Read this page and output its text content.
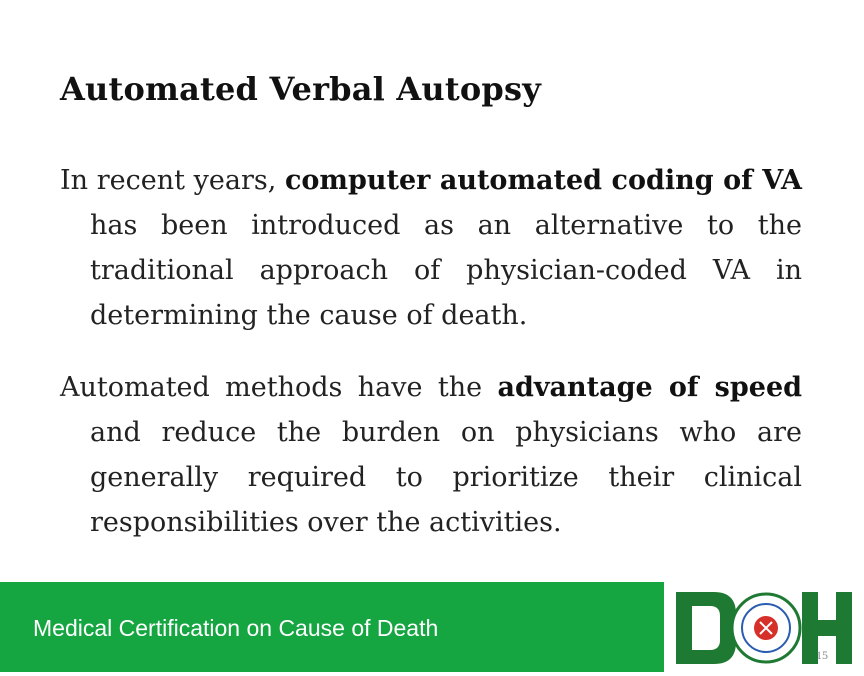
Automated Verbal Autopsy
In recent years, computer automated coding of VA has been introduced as an alternative to the traditional approach of physician-coded VA in determining the cause of death.
Automated methods have the advantage of speed and reduce the burden on physicians who are generally required to prioritize their clinical responsibilities over the activities.
Medical Certification on Cause of Death
15
